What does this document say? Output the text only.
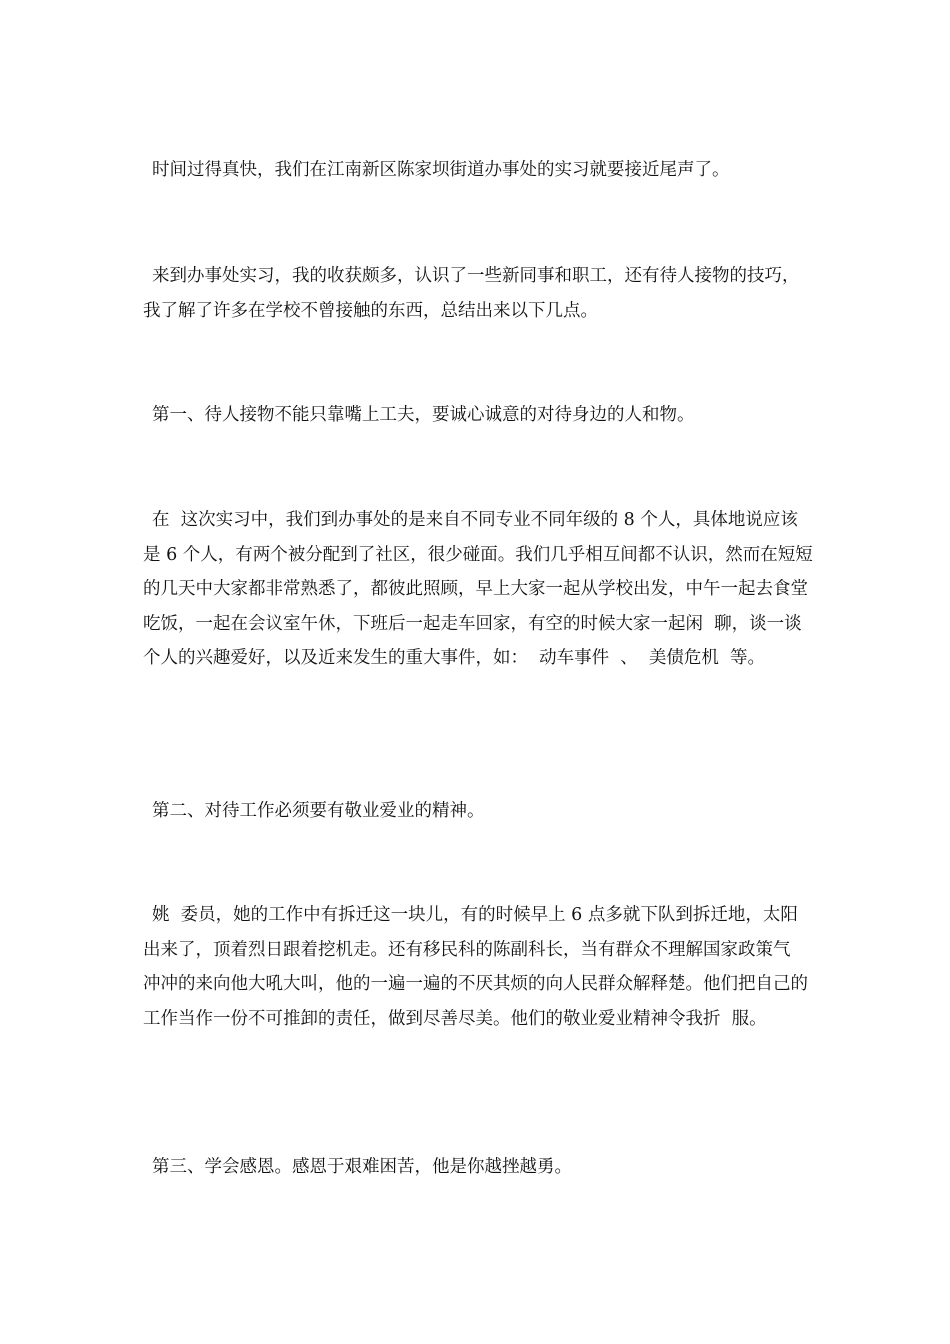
时间过得真快，我们在江南新区陈家坝街道办事处的实习就要接近尾声了。

来到办事处实习，我的收获颇多，认识了一些新同事和职工，还有待人接物的技巧，我了解了许多在学校不曾接触的东西，总结出来以下几点。

第一、待人接物不能只靠嘴上工夫，要诚心诚意的对待身边的人和物。

在  这次实习中，我们到办事处的是来自不同专业不同年级的 8 个人，具体地说应该是 6 个人，有两个被分配到了社区，很少碰面。我们几乎相互间都不认识，然而在短短的几天中大家都非常熟悉了，都彼此照顾，早上大家一起从学校出发，中午一起去食堂吃饭，一起在会议室午休，下班后一起走车回家，有空的时候大家一起闲  聊，谈一谈个人的兴趣爱好，以及近来发生的重大事件，如：  动车事件  、  美债危机  等。

第二、对待工作必须要有敬业爱业的精神。

姚  委员，她的工作中有拆迁这一块儿，有的时候早上 6 点多就下队到拆迁地，太阳出来了，顶着烈日跟着挖机走。还有移民科的陈副科长，当有群众不理解国家政策气  冲冲的来向他大吼大叫，他的一遍一遍的不厌其烦的向人民群众解释楚。他们把自己的工作当作一份不可推卸的责任，做到尽善尽美。他们的敬业爱业精神令我折  服。

第三、学会感恩。感恩于艰难困苦，他是你越挫越勇。
